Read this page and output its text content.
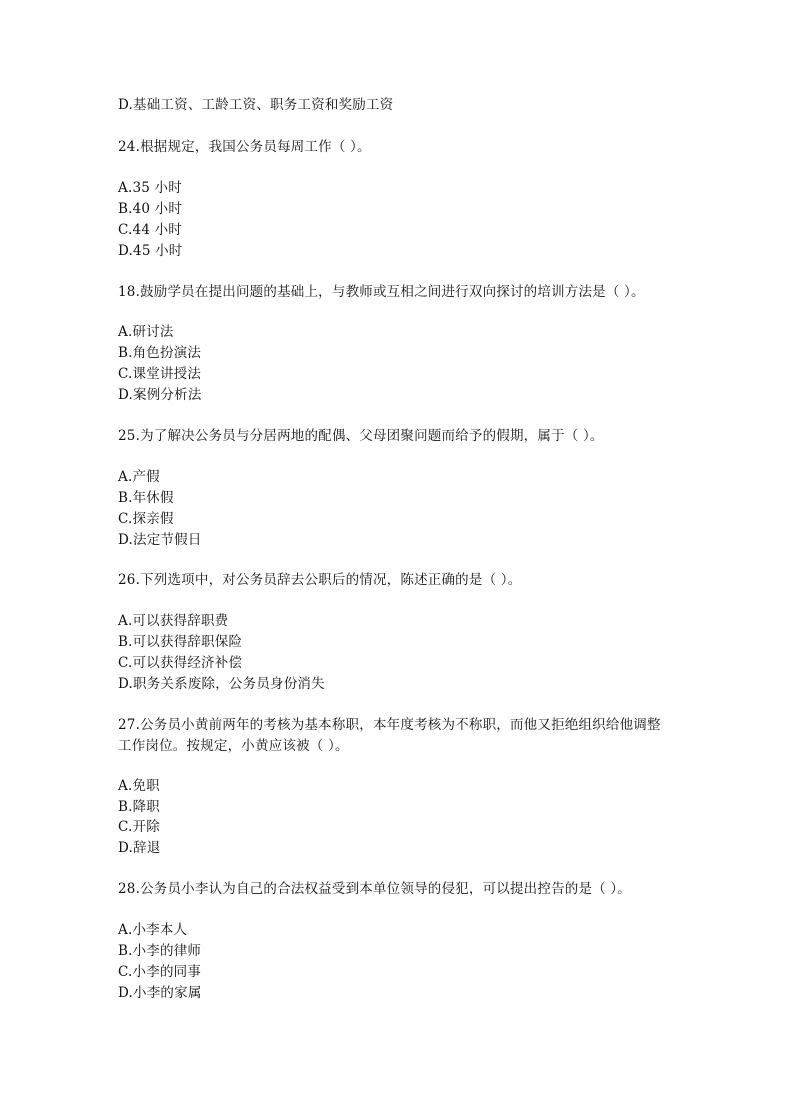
D.基础工资、工龄工资、职务工资和奖励工资
24.根据规定，我国公务员每周工作（ ）。
A.35 小时
B.40 小时
C.44 小时
D.45 小时
18.鼓励学员在提出问题的基础上，与教师或互相之间进行双向探讨的培训方法是（ ）。
A.研讨法
B.角色扮演法
C.课堂讲授法
D.案例分析法
25.为了解决公务员与分居两地的配偶、父母团聚问题而给予的假期，属于（ ）。
A.产假
B.年休假
C.探亲假
D.法定节假日
26.下列选项中，对公务员辞去公职后的情况，陈述正确的是（ ）。
A.可以获得辞职费
B.可以获得辞职保险
C.可以获得经济补偿
D.职务关系废除，公务员身份消失
27.公务员小黄前两年的考核为基本称职，本年度考核为不称职，而他又拒绝组织给他调整
工作岗位。按规定，小黄应该被（ ）。
A.免职
B.降职
C.开除
D.辞退
28.公务员小李认为自己的合法权益受到本单位领导的侵犯，可以提出控告的是（ ）。
A.小李本人
B.小李的律师
C.小李的同事
D.小李的家属
